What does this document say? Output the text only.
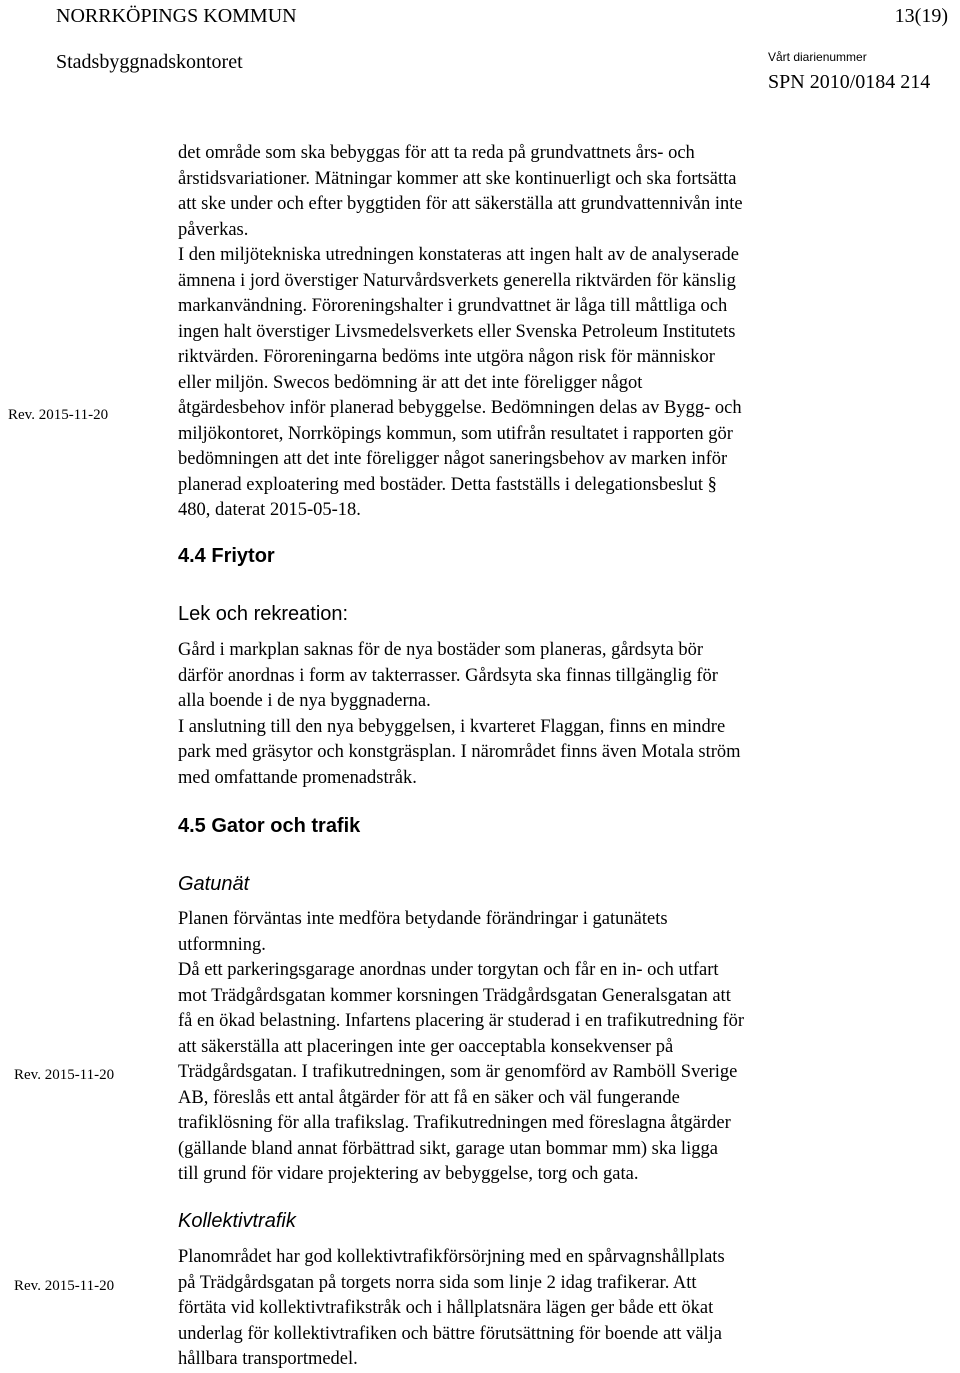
NORRKÖPINGS KOMMUN	13(19)
Stadsbyggnadskontoret	Vårt diarienummer
SPN 2010/0184 214
Rev. 2015-11-20
Rev. 2015-11-20
Rev. 2015-11-20
det område som ska bebyggas för att ta reda på grundvattnets års- och
årstidsvariationer. Mätningar kommer att ske kontinuerligt och ska fortsätta
att ske under och efter byggtiden för att säkerställa att grundvattennivån inte
påverkas.
I den miljötekniska utredningen konstateras att ingen halt av de analyserade
ämnena i jord överstiger Naturvårdsverkets generella riktvärden för känslig
markanvändning. Föroreningshalter i grundvattnet är låga till måttliga och
ingen halt överstiger Livsmedelsverkets eller Svenska Petroleum Institutets
riktvärden. Föroreningarna bedöms inte utgöra någon risk för människor
eller miljön. Swecos bedömning är att det inte föreligger något
åtgärdesbehov inför planerad bebyggelse. Bedömningen delas av Bygg- och
miljökontoret, Norrköpings kommun, som utifrån resultatet i rapporten gör
bedömningen att det inte föreligger något saneringsbehov av marken inför
planerad exploatering med bostäder. Detta fastställs i delegationsbeslut §
480, daterat 2015-05-18.
4.4 Friytor
Lek och rekreation:
Gård i markplan saknas för de nya bostäder som planeras, gårdsyta bör
därför anordnas i form av takterrasser. Gårdsyta ska finnas tillgänglig för
alla boende i de nya byggnaderna.
I anslutning till den nya bebyggelsen, i kvarteret Flaggan, finns en mindre
park med gräsytor och konstgräsplan. I närområdet finns även Motala ström
med omfattande promenadstråk.
4.5 Gator och trafik
Gatunät
Planen förväntas inte medföra betydande förändringar i gatunätets
utformning.
Då ett parkeringsgarage anordnas under torgytan och får en in- och utfart
mot Trädgårdsgatan kommer korsningen Trädgårdsgatan Generalsgatan att
få en ökad belastning. Infartens placering är studerad i en trafikutredning för
att säkerställa att placeringen inte ger oacceptabla konsekvenser på
Trädgårdsgatan. I trafikutredningen, som är genomförd av Ramböll Sverige
AB, föreslås ett antal åtgärder för att få en säker och väl fungerande
trafiklösning för alla trafikslag. Trafikutredningen med föreslagna åtgärder
(gällande bland annat förbättrad sikt, garage utan bommar mm) ska ligga
till grund för vidare projektering av bebyggelse, torg och gata.
Kollektivtrafik
Planområdet har god kollektivtrafikförsörjning med en spårvagnshållplats
på Trädgårdsgatan på torgets norra sida som linje 2 idag trafikerar. Att
förtäta vid kollektivtrafikstråk och i hållplatsnära lägen ger både ett ökat
underlag för kollektivtrafiken och bättre förutsättning för boende att välja
hållbara transportmedel.
